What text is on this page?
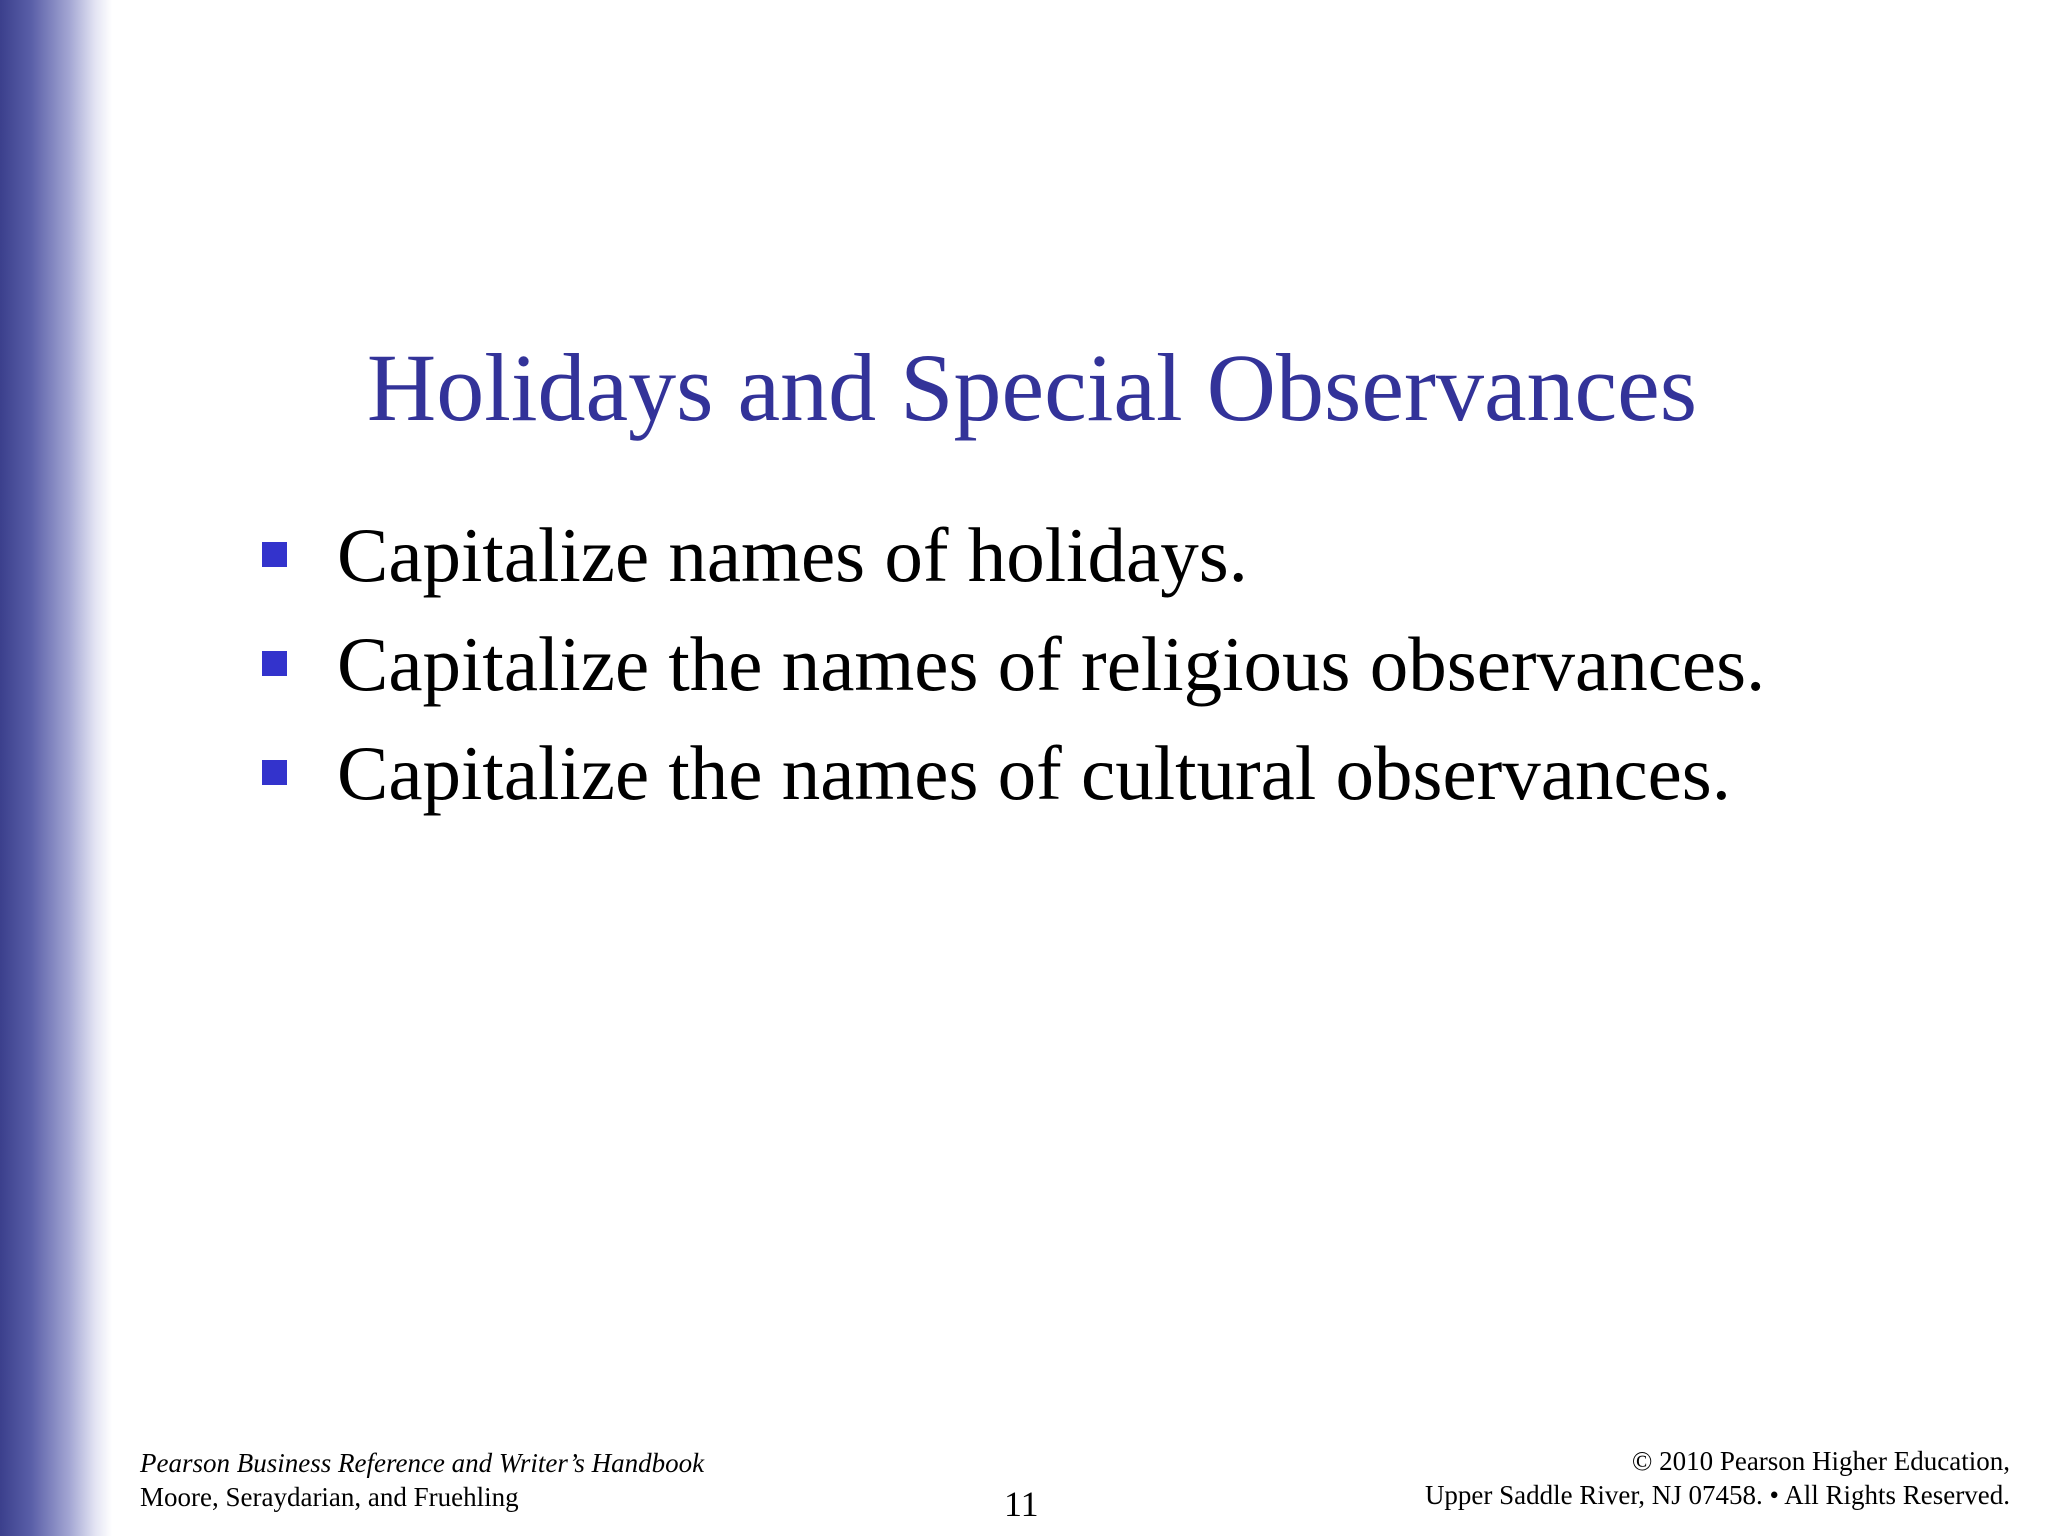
Holidays and Special Observances
Capitalize names of holidays.
Capitalize the names of religious observances.
Capitalize the names of cultural observances.
Pearson Business Reference and Writer’s Handbook
Moore, Seraydarian, and Fruehling	11
© 2010 Pearson Higher Education,
Upper Saddle River, NJ 07458. • All Rights Reserved.
